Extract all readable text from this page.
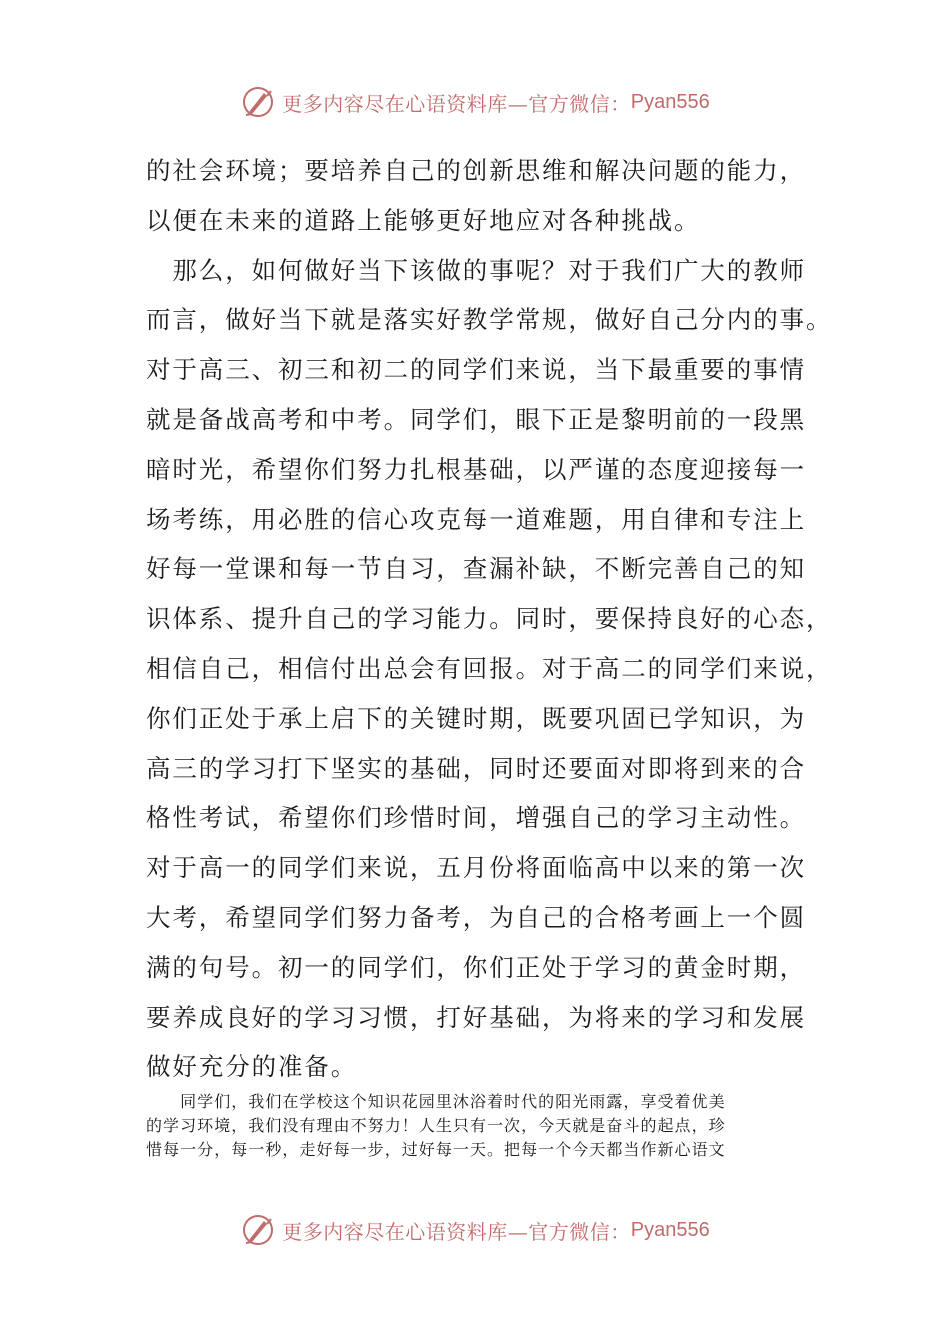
更多内容尽在心语资料库—官方微信： Pyan556
的社会环境；要培养自己的创新思维和解决问题的能力，
以便在未来的道路上能够更好地应对各种挑战。
　那么，如何做好当下该做的事呢？对于我们广大的教师
而言，做好当下就是落实好教学常规，做好自己分内的事。
对于高三、初三和初二的同学们来说，当下最重要的事情
就是备战高考和中考。同学们，眼下正是黎明前的一段黑
暗时光，希望你们努力扎根基础，以严谨的态度迎接每一
场考练，用必胜的信心攻克每一道难题，用自律和专注上
好每一堂课和每一节自习，查漏补缺，不断完善自己的知
识体系、提升自己的学习能力。同时，要保持良好的心态，
相信自己，相信付出总会有回报。对于高二的同学们来说，
你们正处于承上启下的关键时期，既要巩固已学知识，为
高三的学习打下坚实的基础，同时还要面对即将到来的合
格性考试，希望你们珍惜时间，增强自己的学习主动性。
对于高一的同学们来说，五月份将面临高中以来的第一次
大考，希望同学们努力备考，为自己的合格考画上一个圆
满的句号。初一的同学们，你们正处于学习的黄金时期，
要养成良好的学习习惯，打好基础，为将来的学习和发展
做好充分的准备。
　　同学们，我们在学校这个知识花园里沐浴着时代的阳光雨露，享受着优美
的学习环境，我们没有理由不努力！人生只有一次，今天就是奋斗的起点，珍
惜每一分，每一秒，走好每一步，过好每一天。把每一个今天都当作新心语文
更多内容尽在心语资料库—官方微信： Pyan556
